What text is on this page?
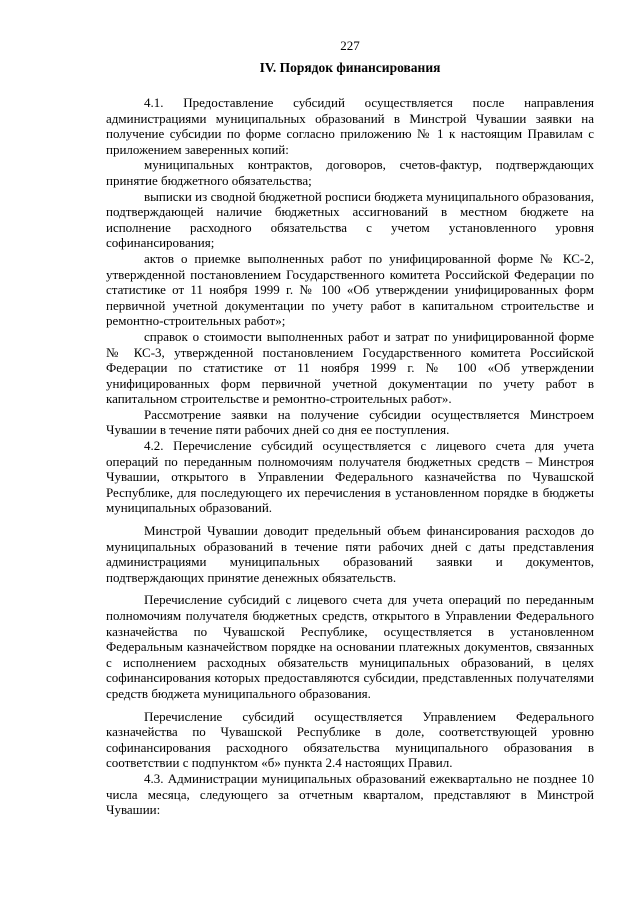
227

IV. Порядок финансирования

4.1. Предоставление субсидий осуществляется после направления администрациями муниципальных образований в Минстрой Чувашии заявки на получение субсидии по форме согласно приложению № 1 к настоящим Правилам с приложением заверенных копий:

муниципальных контрактов, договоров, счетов-фактур, подтверждающих принятие бюджетного обязательства;

выписки из сводной бюджетной росписи бюджета муниципального образования, подтверждающей наличие бюджетных ассигнований в местном бюджете на исполнение расходного обязательства с учетом установленного уровня софинансирования;

актов о приемке выполненных работ по унифицированной форме № КС-2, утвержденной постановлением Государственного комитета Российской Федерации по статистике от 11 ноября 1999 г. № 100 «Об утверждении унифицированных форм первичной учетной документации по учету работ в капитальном строительстве и ремонтно-строительных работ»;

справок о стоимости выполненных работ и затрат по унифицированной форме № КС-3, утвержденной постановлением Государственного комитета Российской Федерации по статистике от 11 ноября 1999 г. № 100 «Об утверждении унифицированных форм первичной учетной документации по учету работ в капитальном строительстве и ремонтно-строительных работ».

Рассмотрение заявки на получение субсидии осуществляется Минстроем Чувашии в течение пяти рабочих дней со дня ее поступления.

4.2. Перечисление субсидий осуществляется с лицевого счета для учета операций по переданным полномочиям получателя бюджетных средств – Минстроя Чувашии, открытого в Управлении Федерального казначейства по Чувашской Республике, для последующего их перечисления в установленном порядке в бюджеты муниципальных образований.

Минстрой Чувашии доводит предельный объем финансирования расходов до муниципальных образований в течение пяти рабочих дней с даты представления администрациями муниципальных образований заявки и документов, подтверждающих принятие денежных обязательств.

Перечисление субсидий с лицевого счета для учета операций по переданным полномочиям получателя бюджетных средств, открытого в Управлении Федерального казначейства по Чувашской Республике, осуществляется в установленном Федеральным казначейством порядке на основании платежных документов, связанных с исполнением расходных обязательств муниципальных образований, в целях софинансирования которых предоставляются субсидии, представленных получателями средств бюджета муниципального образования.

Перечисление субсидий осуществляется Управлением Федерального казначейства по Чувашской Республике в доле, соответствующей уровню софинансирования расходного обязательства муниципального образования в соответствии с подпунктом «б» пункта 2.4 настоящих Правил.

4.3. Администрации муниципальных образований ежеквартально не позднее 10 числа месяца, следующего за отчетным кварталом, представляют в Минстрой Чувашии:
